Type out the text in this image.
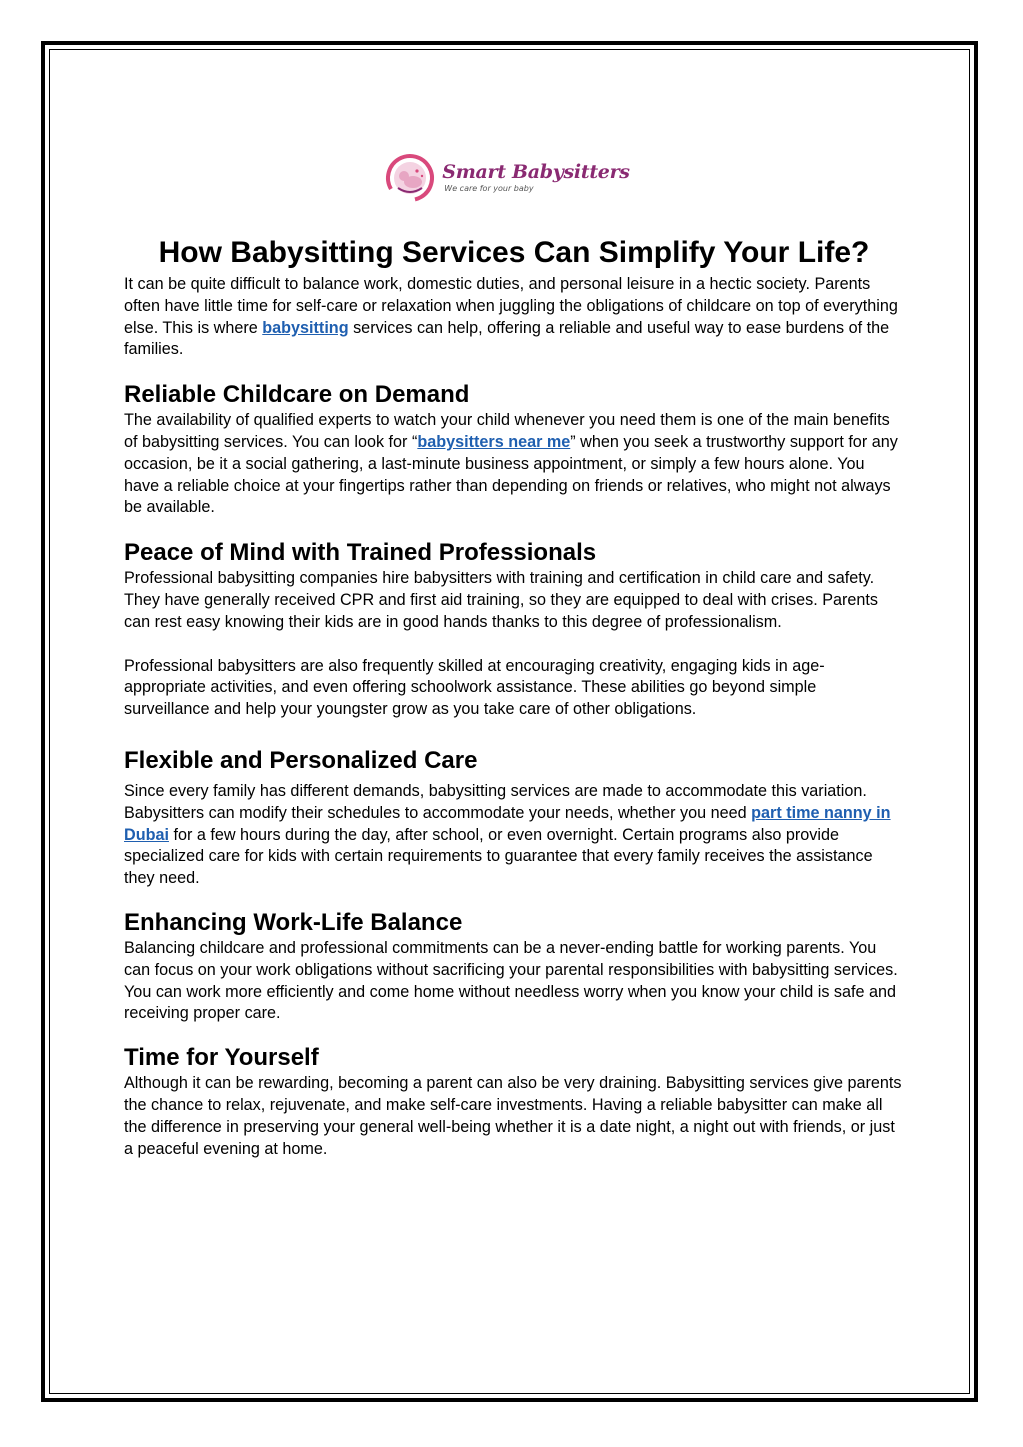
Smart Babysitters
We care for your baby
How Babysitting Services Can Simplify Your Life?

It can be quite difficult to balance work, domestic duties, and personal leisure in a hectic society. Parents often have little time for self-care or relaxation when juggling the obligations of childcare on top of everything else. This is where babysitting services can help, offering a reliable and useful way to ease burdens of the families.

Reliable Childcare on Demand

The availability of qualified experts to watch your child whenever you need them is one of the main benefits of babysitting services. You can look for “babysitters near me” when you seek a trustworthy support for any occasion, be it a social gathering, a last-minute business appointment, or simply a few hours alone. You have a reliable choice at your fingertips rather than depending on friends or relatives, who might not always be available.

Peace of Mind with Trained Professionals

Professional babysitting companies hire babysitters with training and certification in child care and safety. They have generally received CPR and first aid training, so they are equipped to deal with crises. Parents can rest easy knowing their kids are in good hands thanks to this degree of professionalism.

Professional babysitters are also frequently skilled at encouraging creativity, engaging kids in age-appropriate activities, and even offering schoolwork assistance. These abilities go beyond simple surveillance and help your youngster grow as you take care of other obligations.

Flexible and Personalized Care

Since every family has different demands, babysitting services are made to accommodate this variation. Babysitters can modify their schedules to accommodate your needs, whether you need part time nanny in Dubai for a few hours during the day, after school, or even overnight. Certain programs also provide specialized care for kids with certain requirements to guarantee that every family receives the assistance they need.

Enhancing Work-Life Balance

Balancing childcare and professional commitments can be a never-ending battle for working parents. You can focus on your work obligations without sacrificing your parental responsibilities with babysitting services. You can work more efficiently and come home without needless worry when you know your child is safe and receiving proper care.

Time for Yourself

Although it can be rewarding, becoming a parent can also be very draining. Babysitting services give parents the chance to relax, rejuvenate, and make self-care investments. Having a reliable babysitter can make all the difference in preserving your general well-being whether it is a date night, a night out with friends, or just a peaceful evening at home.
